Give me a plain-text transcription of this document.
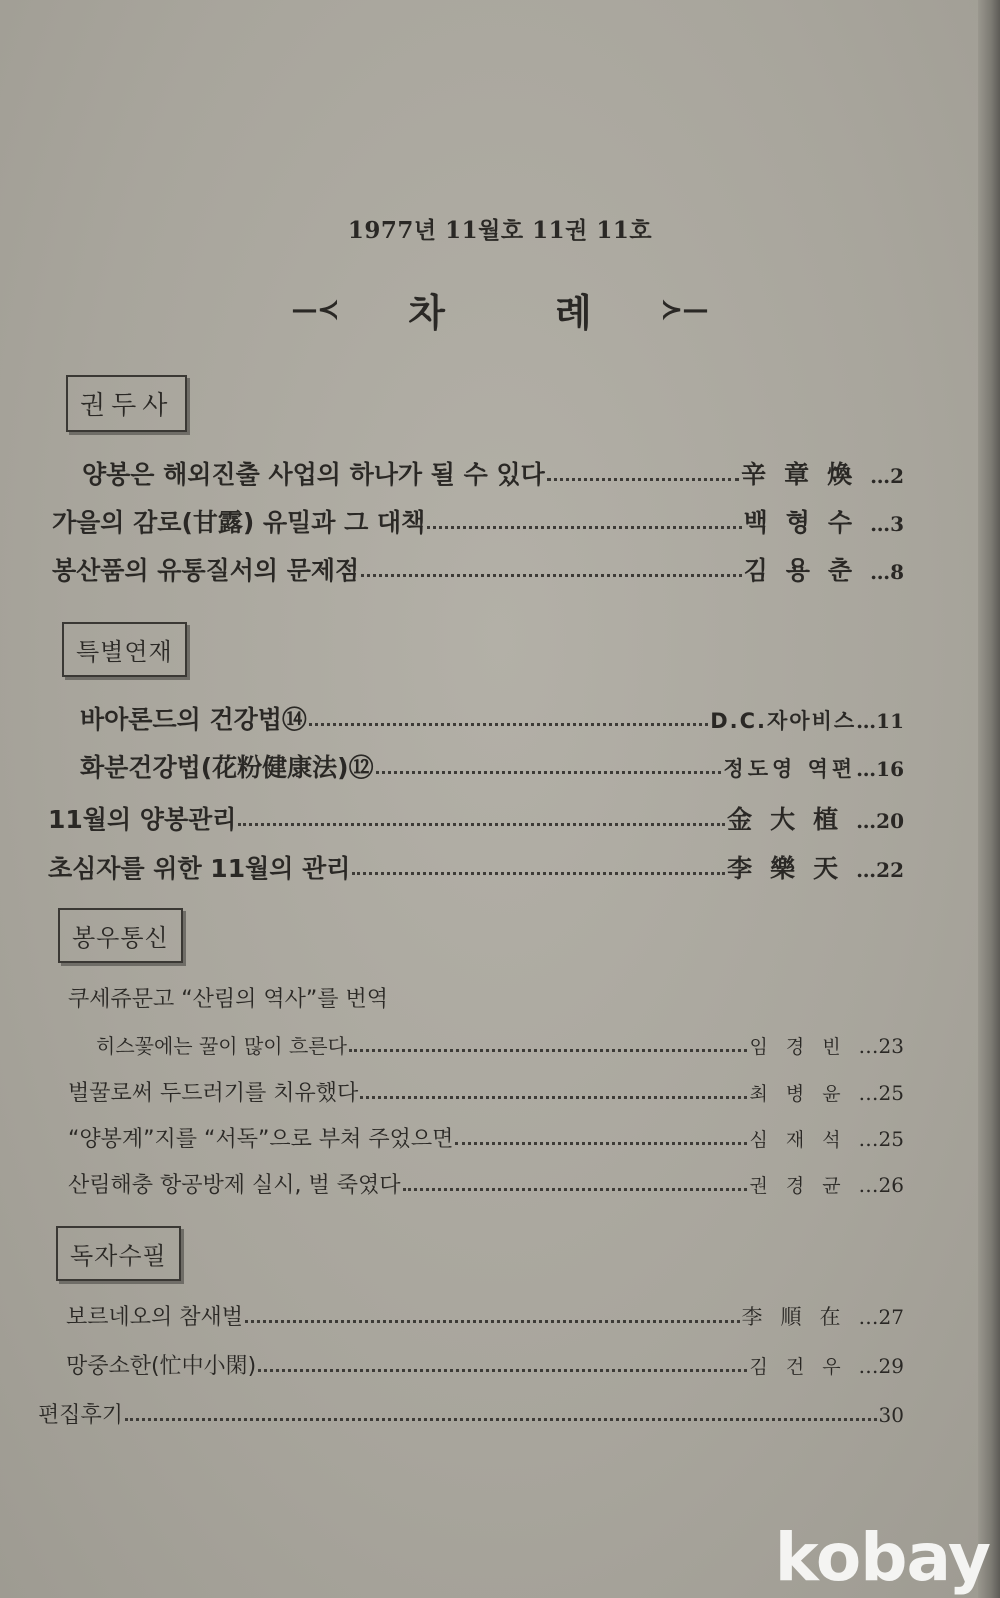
1977년 11월호 11권 11호
—≺ 차	례	≻—
권두사
양봉은 해외진출 사업의 하나가 될 수 있다	辛章煥 …2
가을의 감로(甘露) 유밀과 그 대책	백형수 …3
봉산품의 유통질서의 문제점	김용춘 …8
특별연재
바아론드의 건강법⑭	D.C.자아비스 …11
화분건강법(花粉健康法)⑫	정도영 역편 …16
11월의 양봉관리	金大植 …20
초심자를 위한 11월의 관리	李樂天 …22
봉우통신
쿠세쥬문고 “산림의 역사”를 번역
히스꽃에는 꿀이 많이 흐른다	임경빈 …23
벌꿀로써 두드러기를 치유했다	최병윤 …25
“양봉계”지를 “서독”으로 부쳐 주었으면	심재석 …25
산림해충 항공방제 실시, 벌 죽였다	권경균 …26
독자수필
보르네오의 참새벌	李順在 …27
망중소한(忙中小閑)	김건우 …29
편집후기	30
kobay
